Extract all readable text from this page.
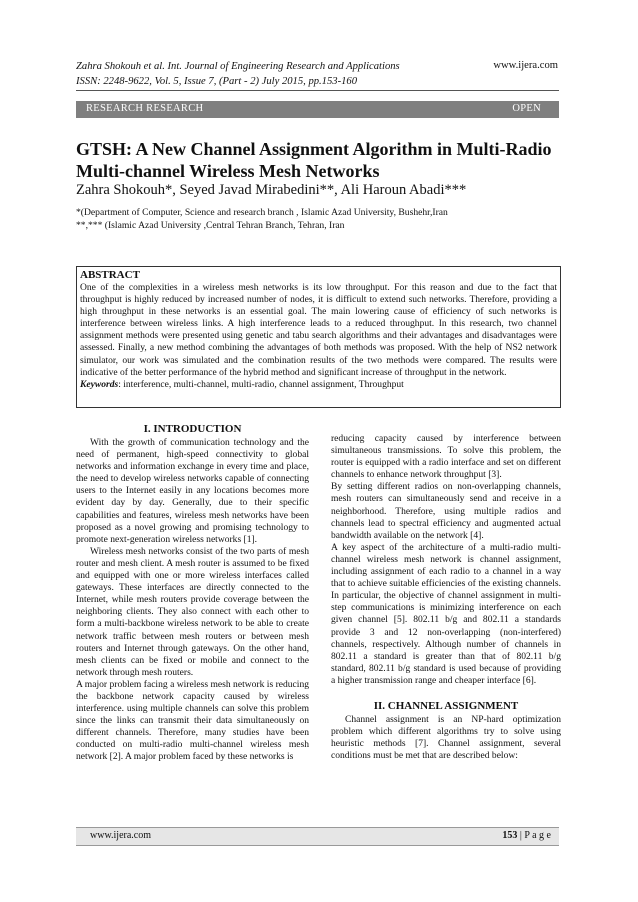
Zahra Shokouh et al. Int. Journal of Engineering Research and Applications
ISSN: 2248-9622, Vol. 5, Issue 7, (Part - 2) July 2015, pp.153-160
www.ijera.com
RESEARCH RESEARCH	OPEN
GTSH: A New Channel Assignment Algorithm in Multi-Radio
Multi-channel Wireless Mesh Networks
Zahra Shokouh*, Seyed Javad Mirabedini**, Ali Haroun Abadi***
*(Department of Computer, Science and research branch , Islamic Azad University, Bushehr,Iran
**,*** (Islamic Azad University ,Central Tehran Branch, Tehran, Iran
ABSTRACT

One of the complexities in a wireless mesh networks is its low throughput. For this reason and due to the fact that throughput is highly reduced by increased number of nodes, it is difficult to extend such networks. Therefore, providing a high throughput in these networks is an essential goal. The main lowering cause of efficiency of such networks is interference between wireless links. A high interference leads to a reduced throughput. In this research, two channel assignment methods were presented using genetic and tabu search algorithms and their advantages and disadvantages were assessed. Finally, a new method combining the advantages of both methods was proposed. With the help of NS2 network simulator, our work was simulated and the combination results of the two methods were compared. The results were indicative of the better performance of the hybrid method and significant increase of throughput in the network.

Keywords: interference, multi-channel, multi-radio, channel assignment, Throughput

I. INTRODUCTION

With the growth of communication technology and the need of permanent, high-speed connectivity to global networks and information exchange in every time and place, the need to develop wireless networks capable of connecting users to the Internet easily in any locations becomes more evident day by day. Generally, due to their specific capabilities and features, wireless mesh networks have been proposed as a novel growing and promising technology to promote next-generation wireless networks [1].

Wireless mesh networks consist of the two parts of mesh router and mesh client. A mesh router is assumed to be fixed and equipped with one or more wireless interfaces called gateways. These interfaces are directly connected to the Internet, while mesh routers provide coverage between the neighboring clients. They also connect with each other to form a multi-backbone wireless network to be able to create network traffic between mesh routers or between mesh routers and Internet through gateways. On the other hand, mesh clients can be fixed or mobile and connect to the network through mesh routers.

A major problem facing a wireless mesh network is reducing the backbone network capacity caused by wireless interference. using multiple channels can solve this problem since the links can transmit their data simultaneously on different channels. Therefore, many studies have been conducted on multi-radio multi-channel wireless mesh network [2]. A major problem faced by these networks is

reducing capacity caused by interference between simultaneous transmissions. To solve this problem, the router is equipped with a radio interface and set on different channels to enhance network throughput [3].

By setting different radios on non-overlapping channels, mesh routers can simultaneously send and receive in a neighborhood. Therefore, using multiple radios and channels lead to spectral efficiency and augmented actual bandwidth available on the network [4].

A key aspect of the architecture of a multi-radio multi-channel wireless mesh network is channel assignment, including assignment of each radio to a channel in a way that to achieve suitable efficiencies of the existing channels. In particular, the objective of channel assignment in multi-step communications is minimizing interference on each given channel [5]. 802.11 b/g and 802.11 a standards provide 3 and 12 non-overlapping (non-interfered) channels, respectively. Although number of channels in 802.11 a standard is greater than that of 802.11 b/g standard, 802.11 b/g standard is used because of providing a higher transmission range and cheaper interface [6].

II. CHANNEL ASSIGNMENT

Channel assignment is an NP-hard optimization problem which different algorithms try to solve using heuristic methods [7]. Channel assignment, several conditions must be met that are described below:

www.ijera.com	153 | P a g e
